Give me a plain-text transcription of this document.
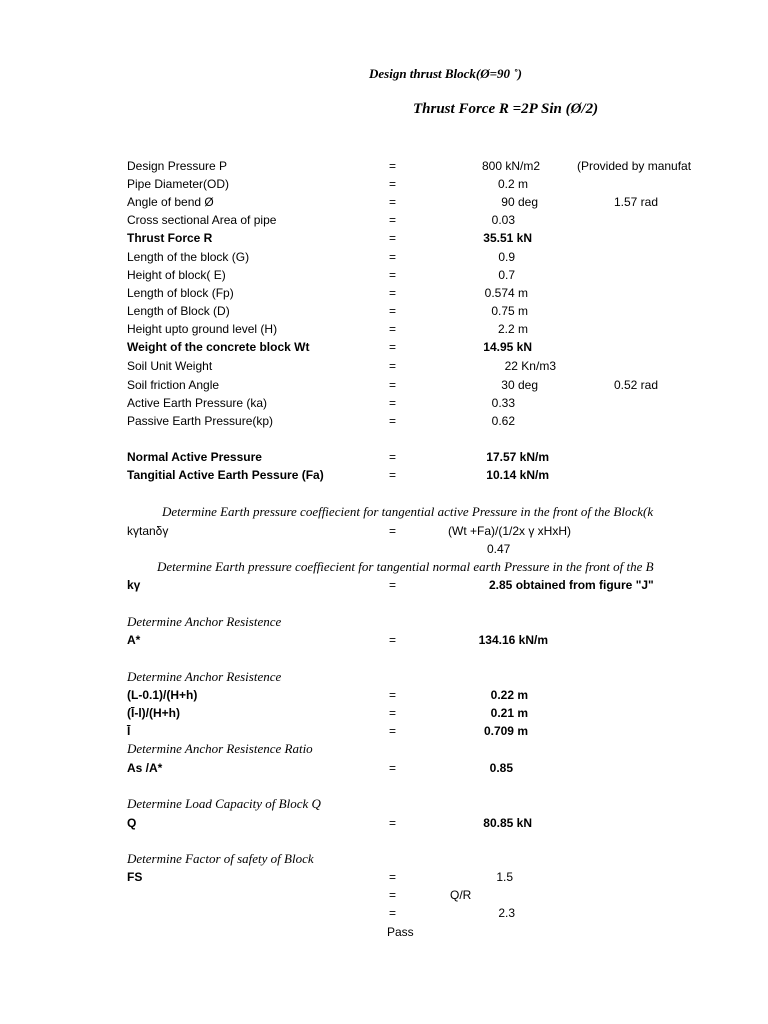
Design thrust Block(Ø=90 ˚)
Thrust Force R =2P Sin (Ø/2)
Design Pressure P	=	800 kN/m2	(Provided by manufat
Pipe Diameter(OD)	=	0.2 m
Angle of bend Ø	=	90 deg	1.57 rad
Cross sectional Area of pipe	=	0.03
Thrust Force R	=	35.51 kN
Length of the block (G)	=	0.9
Height of block( E)	=	0.7
Length of block (Fp)	=	0.574 m
Length of Block (D)	=	0.75 m
Height upto ground level (H)	=	2.2 m
Weight of the concrete block Wt	=	14.95 kN
Soil Unit Weight	=	22 Kn/m3
Soil friction Angle	=	30 deg	0.52 rad
Active Earth Pressure (ka)	=	0.33
Passive Earth Pressure(kp)	=	0.62
Normal Active Pressure	=	17.57 kN/m
Tangitial Active Earth Pessure (Fa)	=	10.14 kN/m
Determine Earth pressure coeffiecient for tangential active Pressure in the front of the Block(k
kγtanδγ	=	(Wt +Fa)/(1/2x γ xHxH)
0.47
Determine Earth pressure coeffiecient for tangential normal earth Pressure in the front of the B
kγ	=	2.85 obtained from figure "J"
Determine Anchor Resistence
A*	=	134.16 kN/m
Determine Anchor Resistence
(L-0.1)/(H+h)	=	0.22 m
(Ī-l)/(H+h)	=	0.21 m
Ī	=	0.709 m
Determine Anchor Resistence Ratio
As /A*	=	0.85
Determine Load Capacity of Block Q
Q	=	80.85 kN
Determine Factor of safety of Block
FS	=	1.5
=	Q/R
=	2.3
Pass
